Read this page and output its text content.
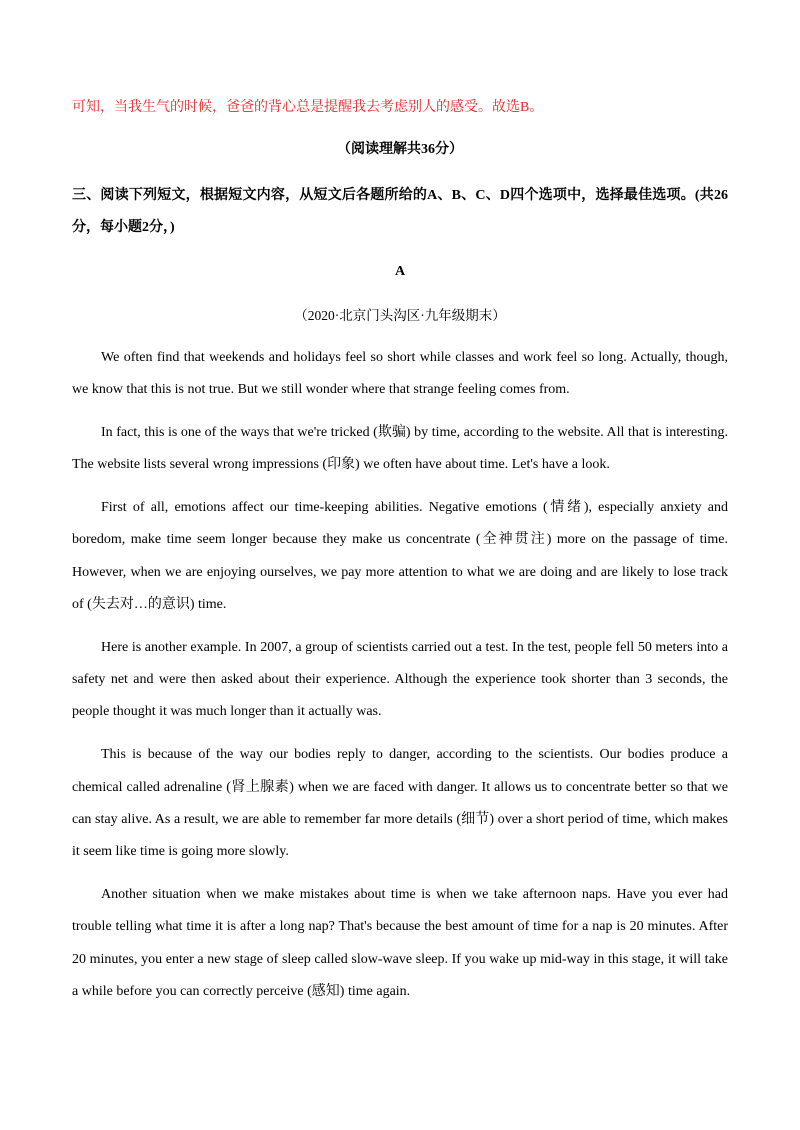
可知，当我生气的时候，爸爸的背心总是提醒我去考虑别人的感受。故选B。

（阅读理解共36分）

三、阅读下列短文，根据短文内容，从短文后各题所给的A、B、C、D四个选项中，选择最佳选项。(共26分，每小题2分，)

A

（2020·北京门头沟区·九年级期末）

We often find that weekends and holidays feel so short while classes and work feel so long. Actually, though, we know that this is not true. But we still wonder where that strange feeling comes from.

In fact, this is one of the ways that we're tricked (欺骗) by time, according to the website. All that is interesting. The website lists several wrong impressions (印象) we often have about time. Let's have a look.

First of all, emotions affect our time-keeping abilities. Negative emotions (情绪), especially anxiety and boredom, make time seem longer because they make us concentrate (全神贯注) more on the passage of time. However, when we are enjoying ourselves, we pay more attention to what we are doing and are likely to lose track of (失去对…的意识) time.

Here is another example. In 2007, a group of scientists carried out a test. In the test, people fell 50 meters into a safety net and were then asked about their experience. Although the experience took shorter than 3 seconds, the people thought it was much longer than it actually was.

This is because of the way our bodies reply to danger, according to the scientists. Our bodies produce a chemical called adrenaline (肾上腺素) when we are faced with danger. It allows us to concentrate better so that we can stay alive. As a result, we are able to remember far more details (细节) over a short period of time, which makes it seem like time is going more slowly.

Another situation when we make mistakes about time is when we take afternoon naps. Have you ever had trouble telling what time it is after a long nap? That's because the best amount of time for a nap is 20 minutes. After 20 minutes, you enter a new stage of sleep called slow-wave sleep. If you wake up mid-way in this stage, it will take a while before you can correctly perceive (感知) time again.
